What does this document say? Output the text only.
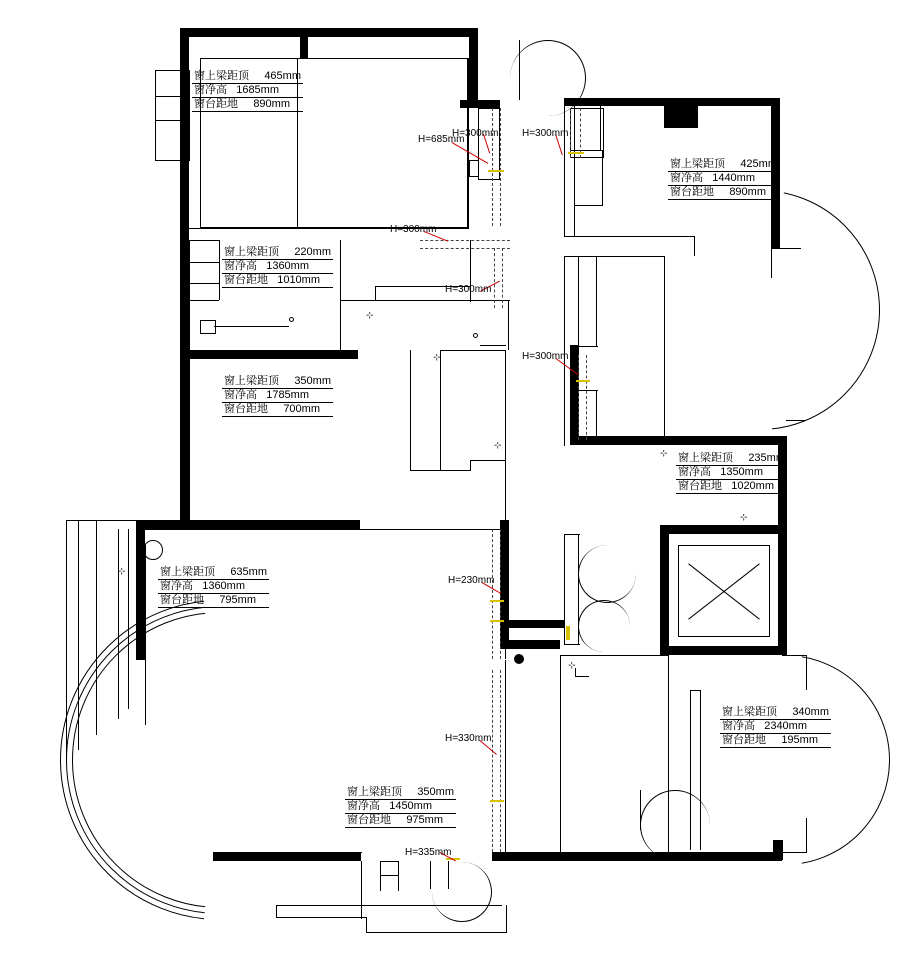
⊹
⊹
⊹
⊹
⊹
⊹
⊹
窗上梁距顶 465mm
窗净高 1685mm
窗台距地 890mm
窗上梁距顶 425mm
窗净高 1440mm
窗台距地 890mm
窗上梁距顶 220mm
窗净高 1360mm
窗台距地 1010mm
窗上梁距顶 350mm
窗净高 1785mm
窗台距地 700mm
窗上梁距顶 235mm
窗净高 1350mm
窗台距地 1020mm
窗上梁距顶 635mm
窗净高 1360mm
窗台距地 795mm
窗上梁距顶 340mm
窗净高 2340mm
窗台距地 195mm
窗上梁距顶 350mm
窗净高 1450mm
窗台距地 975mm
H=685mm
H=300mm H=300mm
H=300mm
H=300mm
H=300mm
H=230mm
H=330mm
H=335mm
